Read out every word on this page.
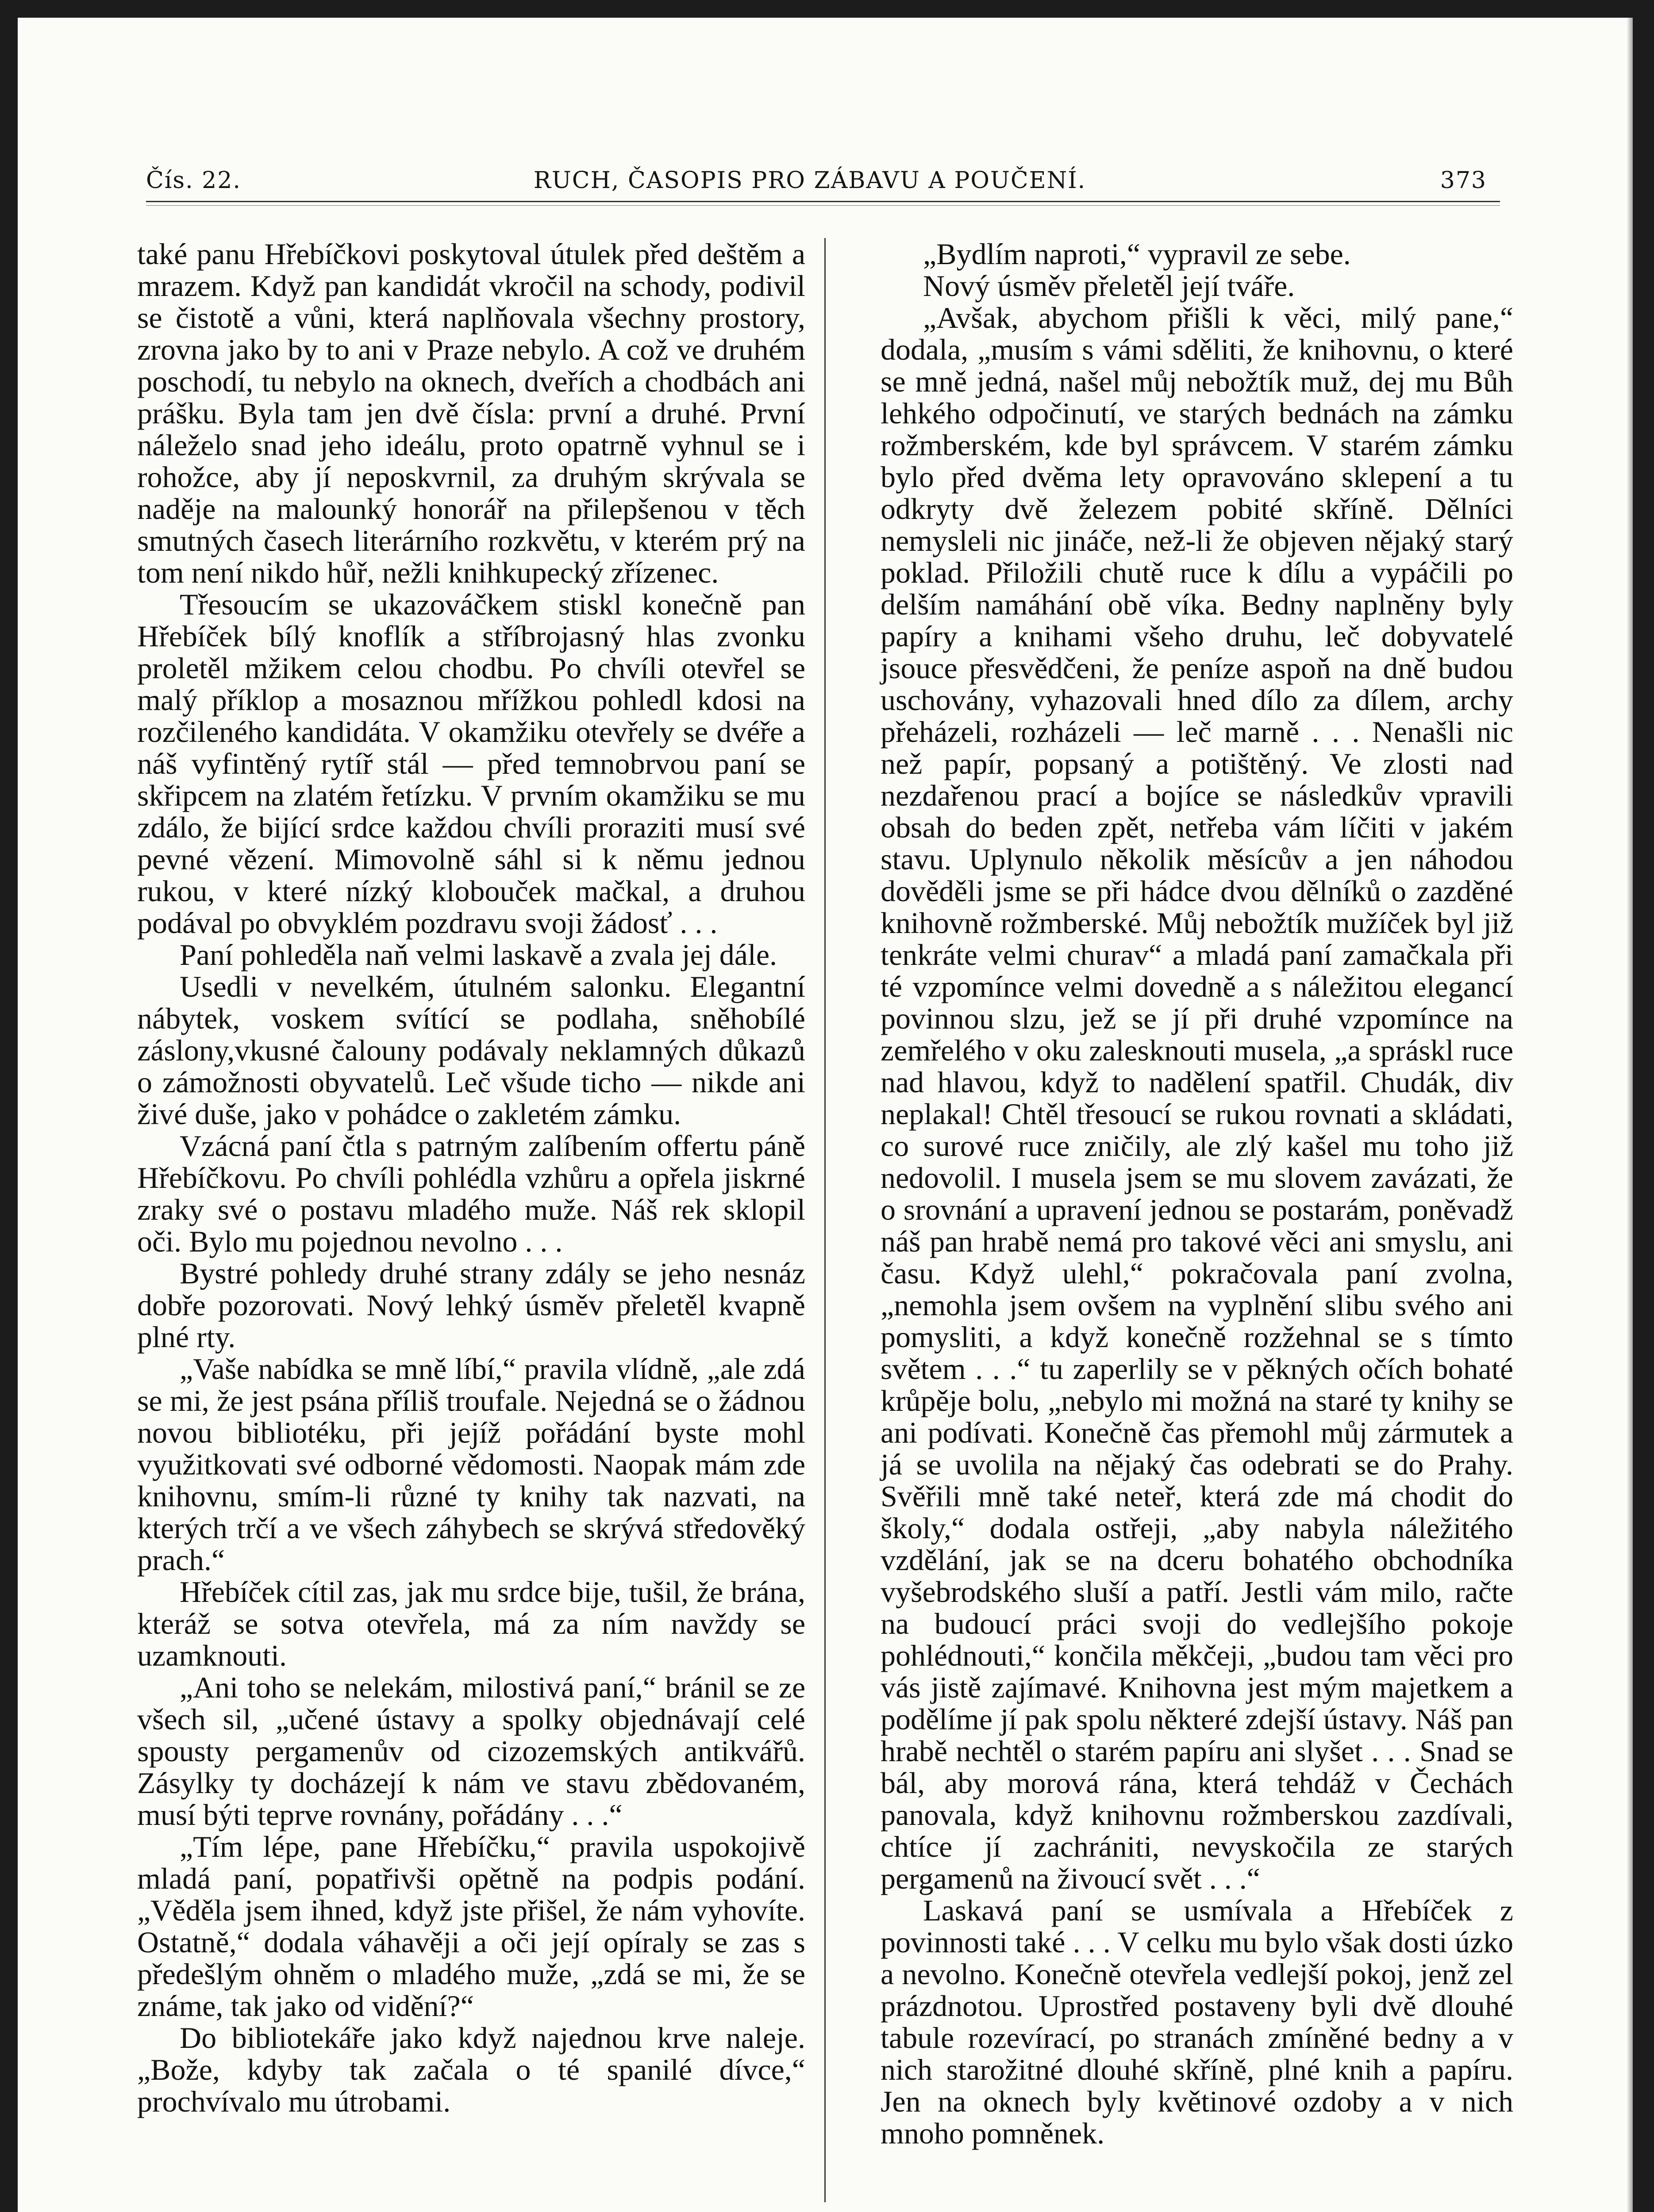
Čís. 22.	RUCH, ČASOPIS PRO ZÁBAVU A POUČENÍ.	373

také panu Hřebíčkovi poskytoval útulek před deštěm a mrazem. Když pan kandidát vkročil na schody, podivil se čistotě a vůni, která naplňovala všechny prostory, zrovna jako by to ani v Praze nebylo. A což ve druhém poschodí, tu nebylo na oknech, dveřích a chodbách ani prášku. Byla tam jen dvě čísla: první a druhé. První náleželo snad jeho ideálu, proto opatrně vyhnul se i rohožce, aby jí neposkvrnil, za druhým skrývala se naděje na malounký honorář na přilepšenou v těch smutných časech literárního rozkvětu, v kterém prý na tom není nikdo hůř, nežli knihkupecký zřízenec.

Třesoucím se ukazováčkem stiskl konečně pan Hřebíček bílý knoflík a stříbrojasný hlas zvonku proletěl mžikem celou chodbu. Po chvíli otevřel se malý příklop a mosaznou mřížkou pohledl kdosi na rozčileného kandidáta. V okamžiku otevřely se dvéře a náš vyfintěný rytíř stál — před temnobrvou paní se skřipcem na zlatém řetízku. V prvním okamžiku se mu zdálo, že bijící srdce každou chvíli proraziti musí své pevné vězení. Mimovolně sáhl si k němu jednou rukou, v které nízký klobouček mačkal, a druhou podával po obvyklém pozdravu svoji žádosť . . .

Paní pohleděla naň velmi laskavě a zvala jej dále.

Usedli v nevelkém, útulném salonku. Elegantní nábytek, voskem svítící se podlaha, sněhobílé záslony,vkusné čalouny podávaly neklamných důkazů o zámožnosti obyvatelů. Leč všude ticho — nikde ani živé duše, jako v pohádce o zakletém zámku.

Vzácná paní čtla s patrným zalíbením offertu páně Hřebíčkovu. Po chvíli pohlédla vzhůru a opřela jiskrné zraky své o postavu mladého muže. Náš rek sklopil oči. Bylo mu pojednou nevolno . . .

Bystré pohledy druhé strany zdály se jeho nesnáz dobře pozorovati. Nový lehký úsměv přeletěl kvapně plné rty.

„Vaše nabídka se mně líbí,“ pravila vlídně, „ale zdá se mi, že jest psána příliš troufale. Nejedná se o žádnou novou bibliotéku, při jejíž pořádání byste mohl využitkovati své odborné vědomosti. Naopak mám zde knihovnu, smím-li různé ty knihy tak nazvati, na kterých trčí a ve všech záhybech se skrývá středověký prach.“

Hřebíček cítil zas, jak mu srdce bije, tušil, že brána, kteráž se sotva otevřela, má za ním navždy se uzamknouti.

„Ani toho se nelekám, milostivá paní,“ bránil se ze všech sil, „učené ústavy a spolky objednávají celé spousty pergamenův od cizozemských antikvářů. Zásylky ty docházejí k nám ve stavu zbědovaném, musí býti teprve rovnány, pořádány . . .“

„Tím lépe, pane Hřebíčku,“ pravila uspokojivě mladá paní, popatřivši opětně na podpis podání. „Věděla jsem ihned, když jste přišel, že nám vyhovíte. Ostatně,“ dodala váhavěji a oči její opíraly se zas s předešlým ohněm o mladého muže, „zdá se mi, že se známe, tak jako od vidění?“

Do bibliotekáře jako když najednou krve naleje. „Bože, kdyby tak začala o té spanilé dívce,“ prochvívalo mu útrobami.

„Bydlím naproti,“ vypravil ze sebe.

Nový úsměv přeletěl její tváře.

„Avšak, abychom přišli k věci, milý pane,“ dodala, „musím s vámi sděliti, že knihovnu, o které se mně jedná, našel můj nebožtík muž, dej mu Bůh lehkého odpočinutí, ve starých bednách na zámku rožmberském, kde byl správcem. V starém zámku bylo před dvěma lety opravováno sklepení a tu odkryty dvě železem pobité skříně. Dělníci nemysleli nic jináče, než-li že objeven nějaký starý poklad. Přiložili chutě ruce k dílu a vypáčili po delším namáhání obě víka. Bedny naplněny byly papíry a knihami všeho druhu, leč dobyvatelé jsouce přesvědčeni, že peníze aspoň na dně budou uschovány, vyhazovali hned dílo za dílem, archy přeházeli, rozházeli — leč marně . . . Nenašli nic než papír, popsaný a potištěný. Ve zlosti nad nezdařenou prací a bojíce se následkův vpravili obsah do beden zpět, netřeba vám líčiti v jakém stavu. Uplynulo několik měsícův a jen náhodou dověděli jsme se při hádce dvou dělníků o zazděné knihovně rožmberské. Můj nebožtík mužíček byl již tenkráte velmi churav“ a mladá paní zamačkala při té vzpomínce velmi dovedně a s náležitou elegancí povinnou slzu, jež se jí při druhé vzpomínce na zemřelého v oku zalesknouti musela, „a spráskl ruce nad hlavou, když to nadělení spatřil. Chudák, div neplakal! Chtěl třesoucí se rukou rovnati a skládati, co surové ruce zničily, ale zlý kašel mu toho již nedovolil. I musela jsem se mu slovem zavázati, že o srovnání a upravení jednou se postarám, poněvadž náš pan hrabě nemá pro takové věci ani smyslu, ani času. Když ulehl,“ pokračovala paní zvolna, „nemohla jsem ovšem na vyplnění slibu svého ani pomysliti, a když konečně rozžehnal se s tímto světem . . .“ tu zaperlily se v pěkných očích bohaté krůpěje bolu, „nebylo mi možná na staré ty knihy se ani podívati. Konečně čas přemohl můj zármutek a já se uvolila na nějaký čas odebrati se do Prahy. Svěřili mně také neteř, která zde má chodit do školy,“ dodala ostřeji, „aby nabyla náležitého vzdělání, jak se na dceru bohatého obchodníka vyšebrodského sluší a patří. Jestli vám milo, račte na budoucí práci svoji do vedlejšího pokoje pohlédnouti,“ končila měkčeji, „budou tam věci pro vás jistě zajímavé. Knihovna jest mým majetkem a podělíme jí pak spolu některé zdejší ústavy. Náš pan hrabě nechtěl o starém papíru ani slyšet . . . Snad se bál, aby morová rána, která tehdáž v Čechách panovala, když knihovnu rožmberskou zazdívali, chtíce jí zachrániti, nevyskočila ze starých pergamenů na živoucí svět . . .“

Laskavá paní se usmívala a Hřebíček z povinnosti také . . . V celku mu bylo však dosti úzko a nevolno. Konečně otevřela vedlejší pokoj, jenž zel prázdnotou. Uprostřed postaveny byli dvě dlouhé tabule rozevírací, po stranách zmíněné bedny a v nich starožitné dlouhé skříně, plné knih a papíru. Jen na oknech byly květinové ozdoby a v nich mnoho pomněnek.
